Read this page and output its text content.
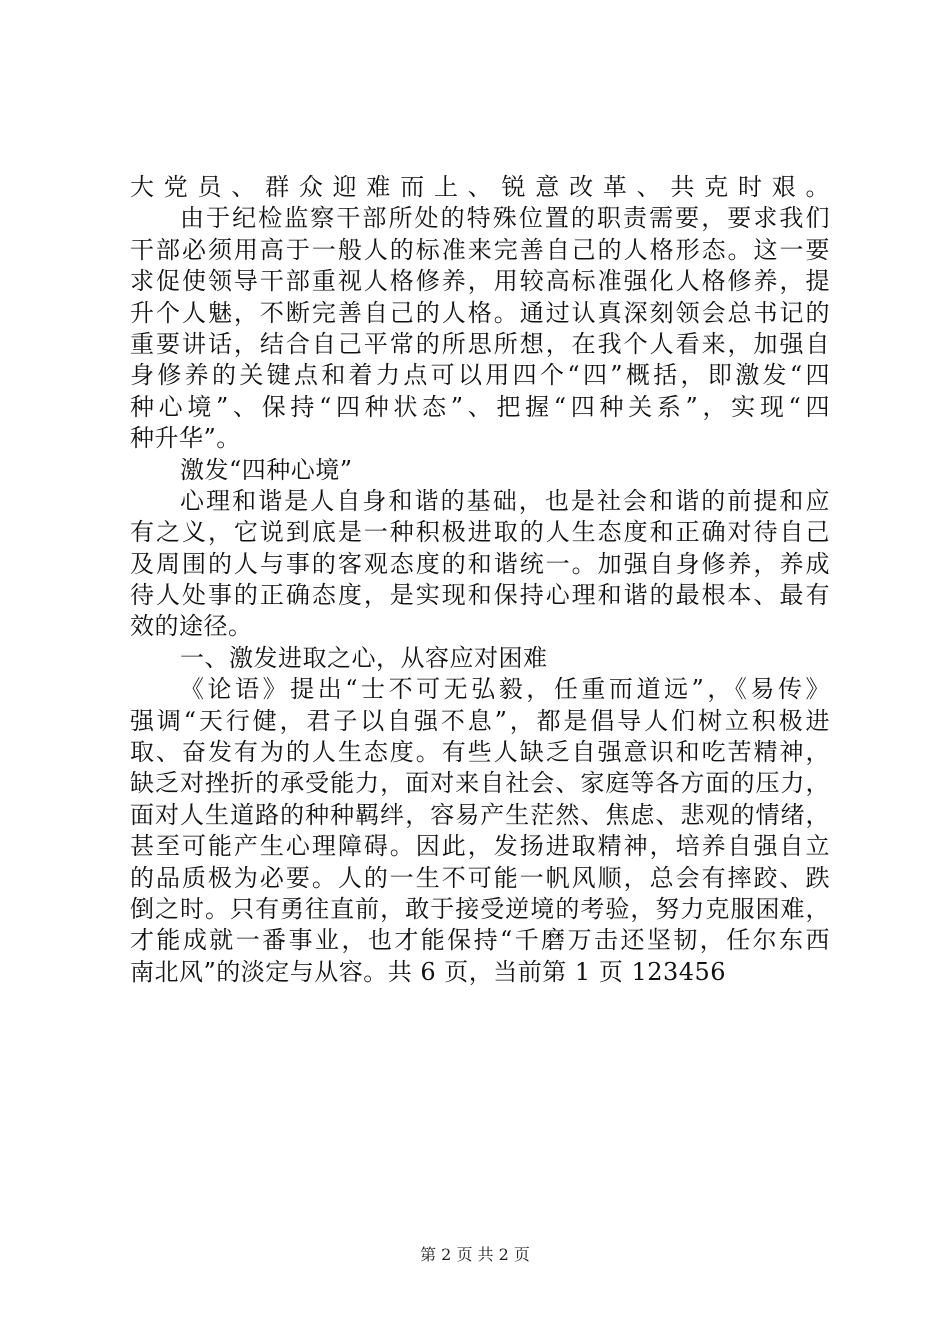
大党员、群众迎难而上、锐意改革、共克时艰。
由于纪检监察干部所处的特殊位置的职责需要，要求我们
干部必须用高于一般人的标准来完善自己的人格形态。这一要
求促使领导干部重视人格修养，用较高标准强化人格修养，提
升个人魅，不断完善自己的人格。通过认真深刻领会总书记的
重要讲话，结合自己平常的所思所想，在我个人看来，加强自
身修养的关键点和着力点可以用四个“四”概括，即激发“四
种心境”、保持“四种状态”、把握“四种关系”，实现“四
种升华”。
激发“四种心境”
心理和谐是人自身和谐的基础，也是社会和谐的前提和应
有之义，它说到底是一种积极进取的人生态度和正确对待自己
及周围的人与事的客观态度的和谐统一。加强自身修养，养成
待人处事的正确态度，是实现和保持心理和谐的最根本、最有
效的途径。
一、激发进取之心，从容应对困难
《论语》提出“士不可无弘毅，任重而道远”，《易传》
强调“天行健，君子以自强不息”，都是倡导人们树立积极进
取、奋发有为的人生态度。有些人缺乏自强意识和吃苦精神，
缺乏对挫折的承受能力，面对来自社会、家庭等各方面的压力，
面对人生道路的种种羁绊，容易产生茫然、焦虑、悲观的情绪，
甚至可能产生心理障碍。因此，发扬进取精神，培养自强自立
的品质极为必要。人的一生不可能一帆风顺，总会有摔跤、跌
倒之时。只有勇往直前，敢于接受逆境的考验，努力克服困难，
才能成就一番事业，也才能保持“千磨万击还坚韧，任尔东西
南北风”的淡定与从容。共 6 页，当前第 1 页 123456
第 2 页 共 2 页
